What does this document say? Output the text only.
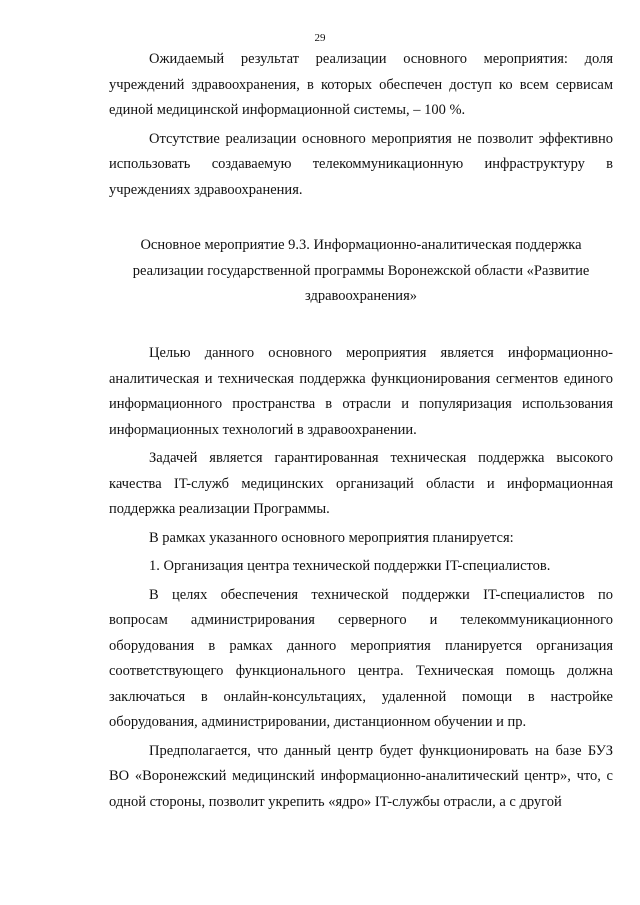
29

Ожидаемый результат реализации основного мероприятия: доля учреждений здравоохранения, в которых обеспечен доступ ко всем сервисам единой медицинской информационной системы, – 100 %.

Отсутствие реализации основного мероприятия не позволит эффективно использовать создаваемую телекоммуникационную инфраструктуру в учреждениях здравоохранения.

Основное мероприятие 9.3. Информационно-аналитическая поддержка реализации государственной программы Воронежской области «Развитие здравоохранения»

Целью данного основного мероприятия является информационно-аналитическая и техническая поддержка функционирования сегментов единого информационного пространства в отрасли и популяризация использования информационных технологий в здравоохранении.

Задачей является гарантированная техническая поддержка высокого качества IT-служб медицинских организаций области и информационная поддержка реализации Программы.

В рамках указанного основного мероприятия планируется:

1. Организация центра технической поддержки IT-специалистов.

В целях обеспечения технической поддержки IT-специалистов по вопросам администрирования серверного и телекоммуникационного оборудования в рамках данного мероприятия планируется организация соответствующего функционального центра. Техническая помощь должна заключаться в онлайн-консультациях, удаленной помощи в настройке оборудования, администрировании, дистанционном обучении и пр.

Предполагается, что данный центр будет функционировать на базе БУЗ ВО «Воронежский медицинский информационно-аналитический центр», что, с одной стороны, позволит укрепить «ядро» IT-службы отрасли, а с другой
